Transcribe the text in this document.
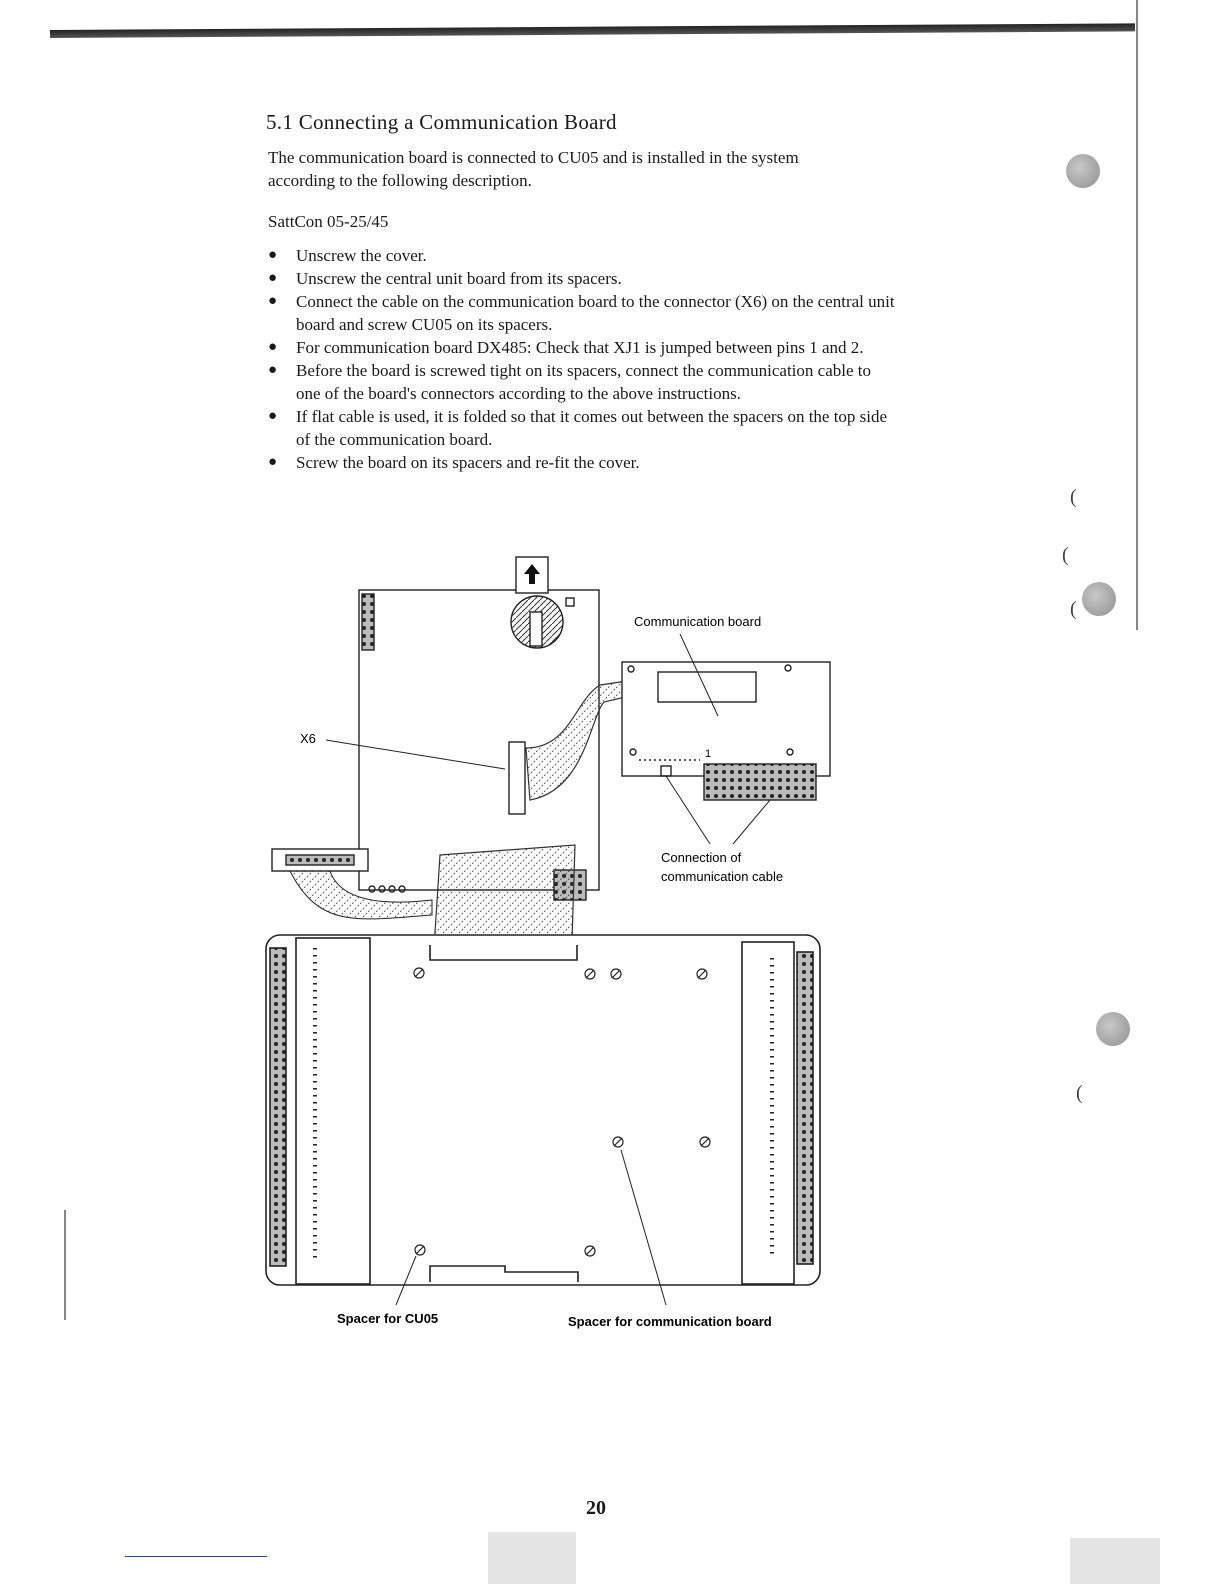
(
(
(
(
5.1 Connecting a Communication Board

The communication board is connected to CU05 and is installed in the system according to the following description.

SattCon 05-25/45

● Unscrew the cover.
● Unscrew the central unit board from its spacers.
● Connect the cable on the communication board to the connector (X6) on the central unit board and screw CU05 on its spacers.
● For communication board DX485: Check that XJ1 is jumped between pins 1 and 2.
● Before the board is screwed tight on its spacers, connect the communication cable to one of the board's connectors according to the above instructions.
● If flat cable is used, it is folded so that it comes out between the spacers on the top side of the communication board.
● Screw the board on its spacers and re-fit the cover.
X6
Communication board
1
Connection of
communication cable
Spacer for CU05	Spacer for communication board

20
